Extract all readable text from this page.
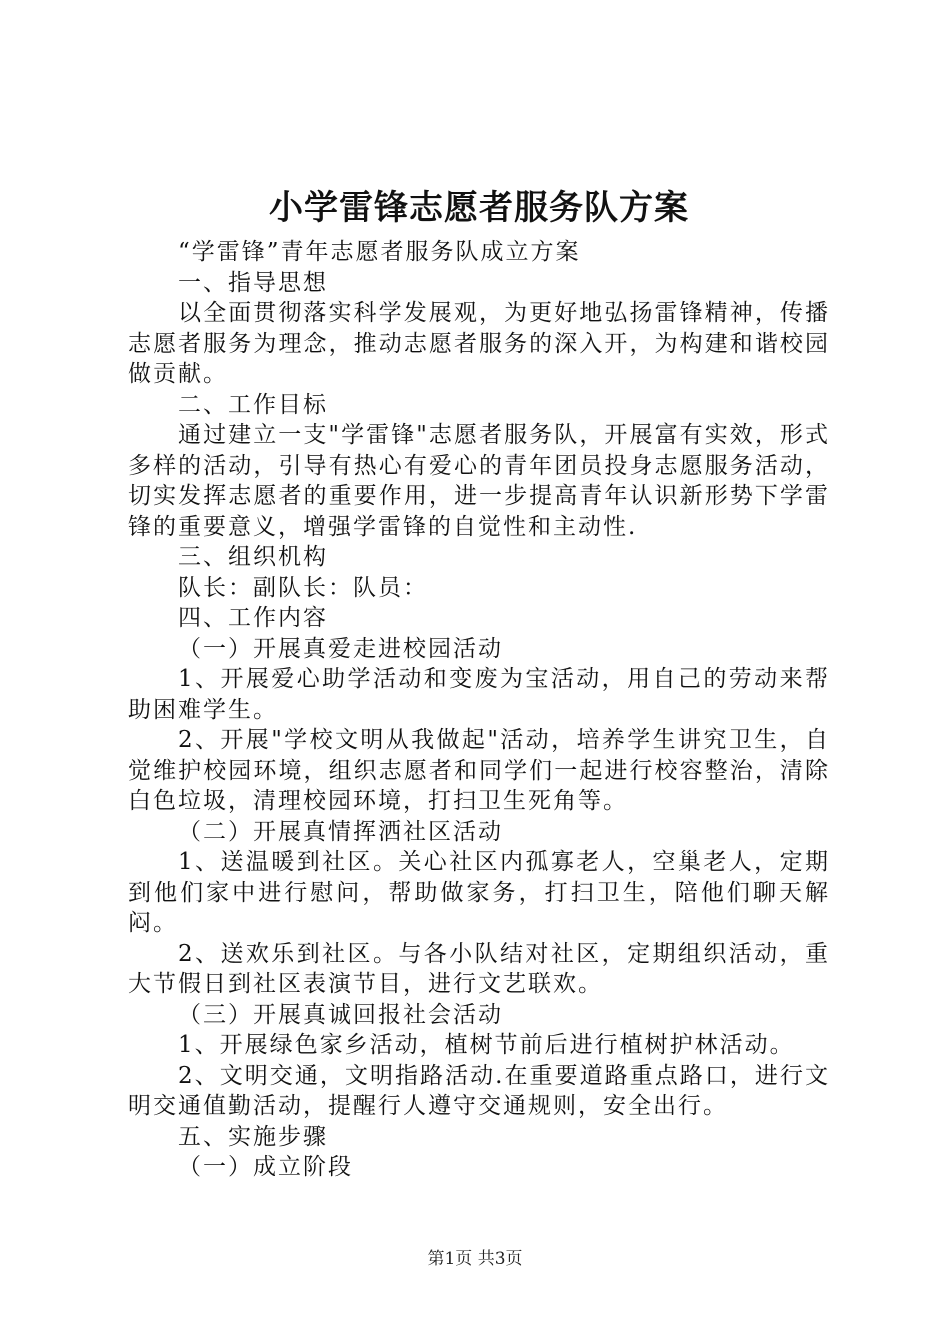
小学雷锋志愿者服务队方案

“学雷锋”青年志愿者服务队成立方案

一、指导思想

以全面贯彻落实科学发展观，为更好地弘扬雷锋精神，传播志愿者服务为理念，推动志愿者服务的深入开，为构建和谐校园做贡献。

二、工作目标

通过建立一支"学雷锋"志愿者服务队，开展富有实效，形式多样的活动，引导有热心有爱心的青年团员投身志愿服务活动，切实发挥志愿者的重要作用，进一步提高青年认识新形势下学雷锋的重要意义，增强学雷锋的自觉性和主动性.

三、组织机构

队长：副队长：队员：

四、工作内容

（一）开展真爱走进校园活动

1、开展爱心助学活动和变废为宝活动，用自己的劳动来帮助困难学生。

2、开展"学校文明从我做起"活动，培养学生讲究卫生，自觉维护校园环境，组织志愿者和同学们一起进行校容整治，清除白色垃圾，清理校园环境，打扫卫生死角等。

（二）开展真情挥洒社区活动

1、送温暖到社区。关心社区内孤寡老人，空巢老人，定期到他们家中进行慰问，帮助做家务，打扫卫生，陪他们聊天解闷。

2、送欢乐到社区。与各小队结对社区，定期组织活动，重大节假日到社区表演节目，进行文艺联欢。

（三）开展真诚回报社会活动

1、开展绿色家乡活动，植树节前后进行植树护林活动。

2、文明交通，文明指路活动.在重要道路重点路口，进行文明交通值勤活动，提醒行人遵守交通规则，安全出行。

五、实施步骤

（一）成立阶段

第1页 共3页
